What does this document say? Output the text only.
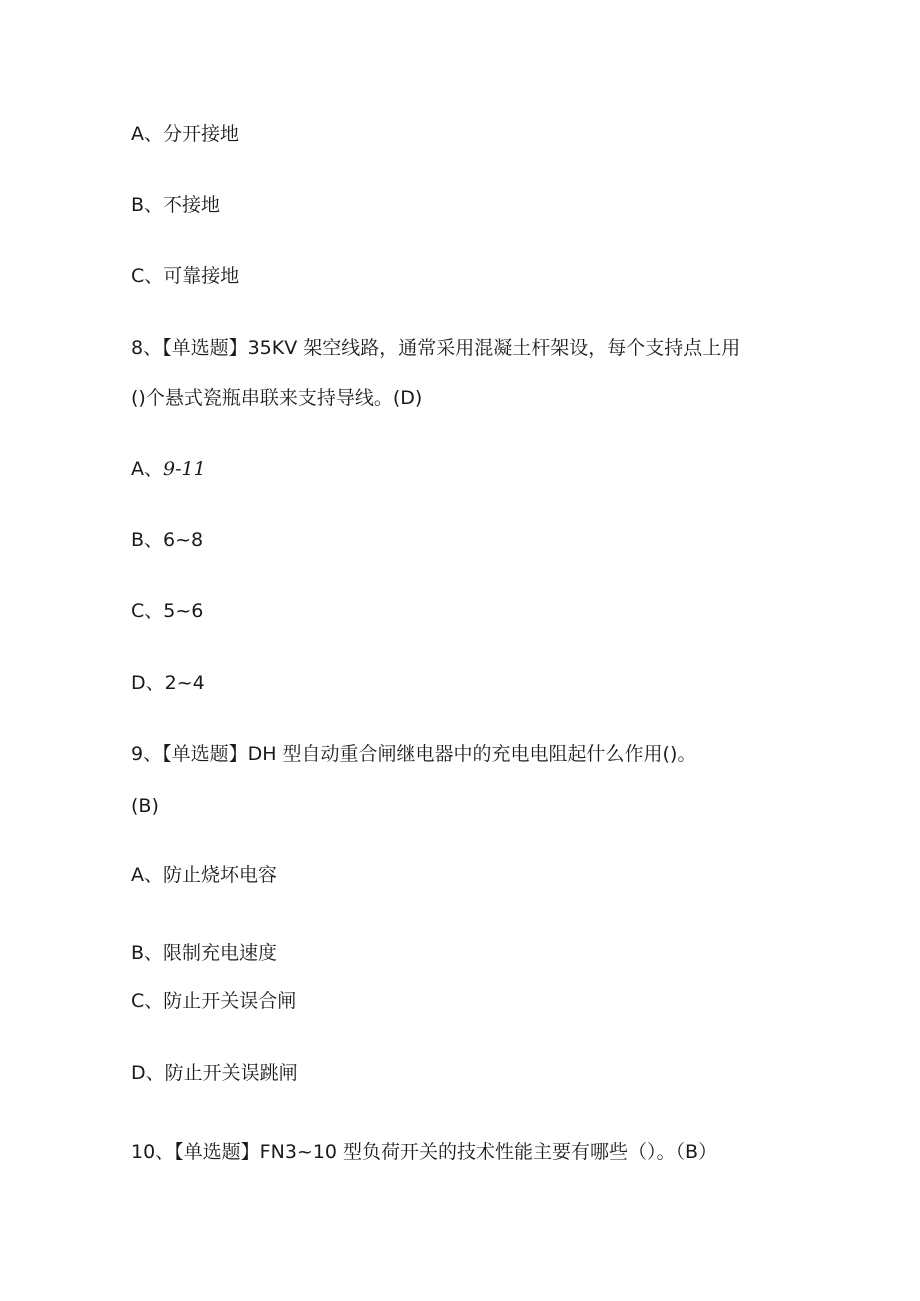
A、分开接地
B、不接地
C、可靠接地
8、【单选题】35KV 架空线路，通常采用混凝土杆架设，每个支持点上用
()个悬式瓷瓶串联来支持导线。(D)
A、9-11
B、6~8
C、5~6
D、2~4
9、【单选题】DH 型自动重合闸继电器中的充电电阻起什么作用()。
(B)
A、防止烧坏电容
B、限制充电速度
C、防止开关误合闸
D、防止开关误跳闸
10、【单选题】FN3~10 型负荷开关的技术性能主要有哪些（）。（B）
